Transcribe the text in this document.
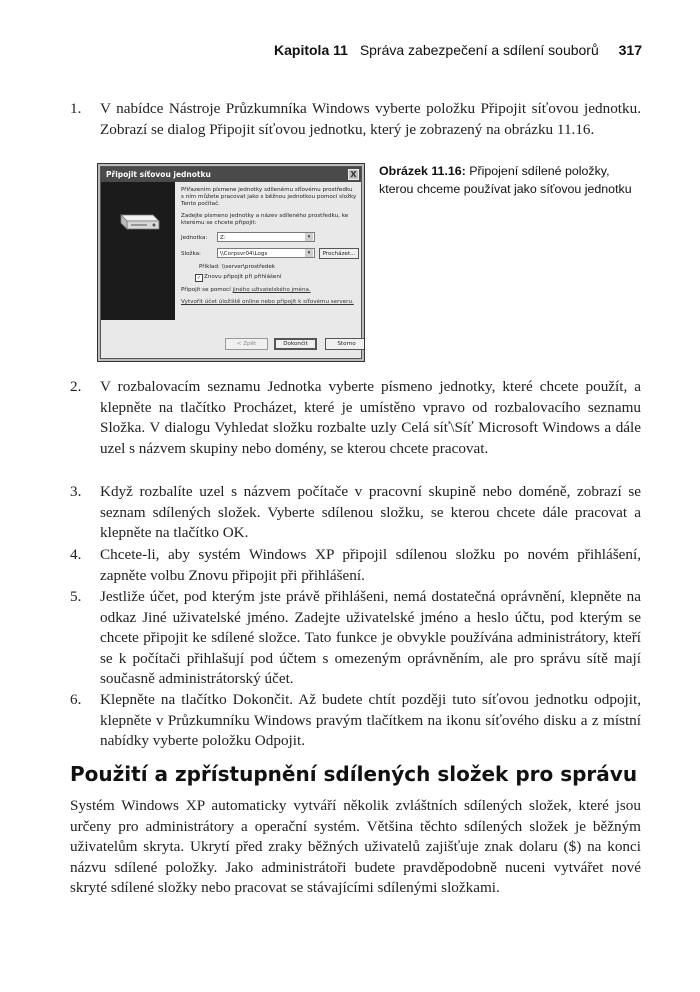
Kapitola 11 Správa zabezpečení a sdílení souborů 317
1.	V nabídce Nástroje Průzkumníka Windows vyberte položku Připojit síťovou jednotku. Zobrazí se dialog Připojit síťovou jednotku, který je zobrazený na obrázku 11.16.
Připojit síťovou jednotku	X

Přiřazením písmene jednotky sdílenému síťovému prostředku s ním můžete pracovat jako s běžnou jednotkou pomocí složky Tento počítač.

Zadejte písmeno jednotky a název sdíleného prostředku, ke kterému se chcete připojit:

Jednotka:	Z:	▾
Složka:	\\Corpsvr04\Logs	▾	Procházet...
Příklad: \\server\prostředek
✓ Znovu připojit při přihlášení

Připojit se pomocí jiného uživatelského jména.

Vytvořit účet úložiště online nebo připojit k síťovému serveru.

< Zpět	Dokončit	Storno
Obrázek 11.16: Připojení sdílené položky, kterou chceme používat jako síťovou jednotku
2.	V rozbalovacím seznamu Jednotka vyberte písmeno jednotky, které chcete použít, a klepněte na tlačítko Procházet, které je umístěno vpravo od rozbalovacího seznamu Složka. V dialogu Vyhledat složku rozbalte uzly Celá síť\Síť Microsoft Windows a dále uzel s názvem skupiny nebo domény, se kterou chcete pracovat.
3.	Když rozbalíte uzel s názvem počítače v pracovní skupině nebo doméně, zobrazí se seznam sdílených složek. Vyberte sdílenou složku, se kterou chcete dále pracovat a klepněte na tlačítko OK.
4.	Chcete-li, aby systém Windows XP připojil sdílenou složku po novém přihlášení, zapněte volbu Znovu připojit při přihlášení.
5.	Jestliže účet, pod kterým jste právě přihlášeni, nemá dostatečná oprávnění, klepněte na odkaz Jiné uživatelské jméno. Zadejte uživatelské jméno a heslo účtu, pod kterým se chcete připojit ke sdílené složce. Tato funkce je obvykle používána administrátory, kteří se k počítači přihlašují pod účtem s omezeným oprávněním, ale pro správu sítě mají současně administrátorský účet.
6.	Klepněte na tlačítko Dokončit. Až budete chtít později tuto síťovou jednotku odpojit, klepněte v Průzkumníku Windows pravým tlačítkem na ikonu síťového disku a z místní nabídky vyberte položku Odpojit.
Použití a zpřístupnění sdílených složek pro správu
Systém Windows XP automaticky vytváří několik zvláštních sdílených složek, které jsou určeny pro administrátory a operační systém. Většina těchto sdílených složek je běžným uživatelům skryta. Ukrytí před zraky běžných uživatelů zajišťuje znak dolaru ($) na konci názvu sdílené položky. Jako administrátoři budete pravděpodobně nuceni vytvářet nové skryté sdílené složky nebo pracovat se stávajícími sdílenými složkami.
